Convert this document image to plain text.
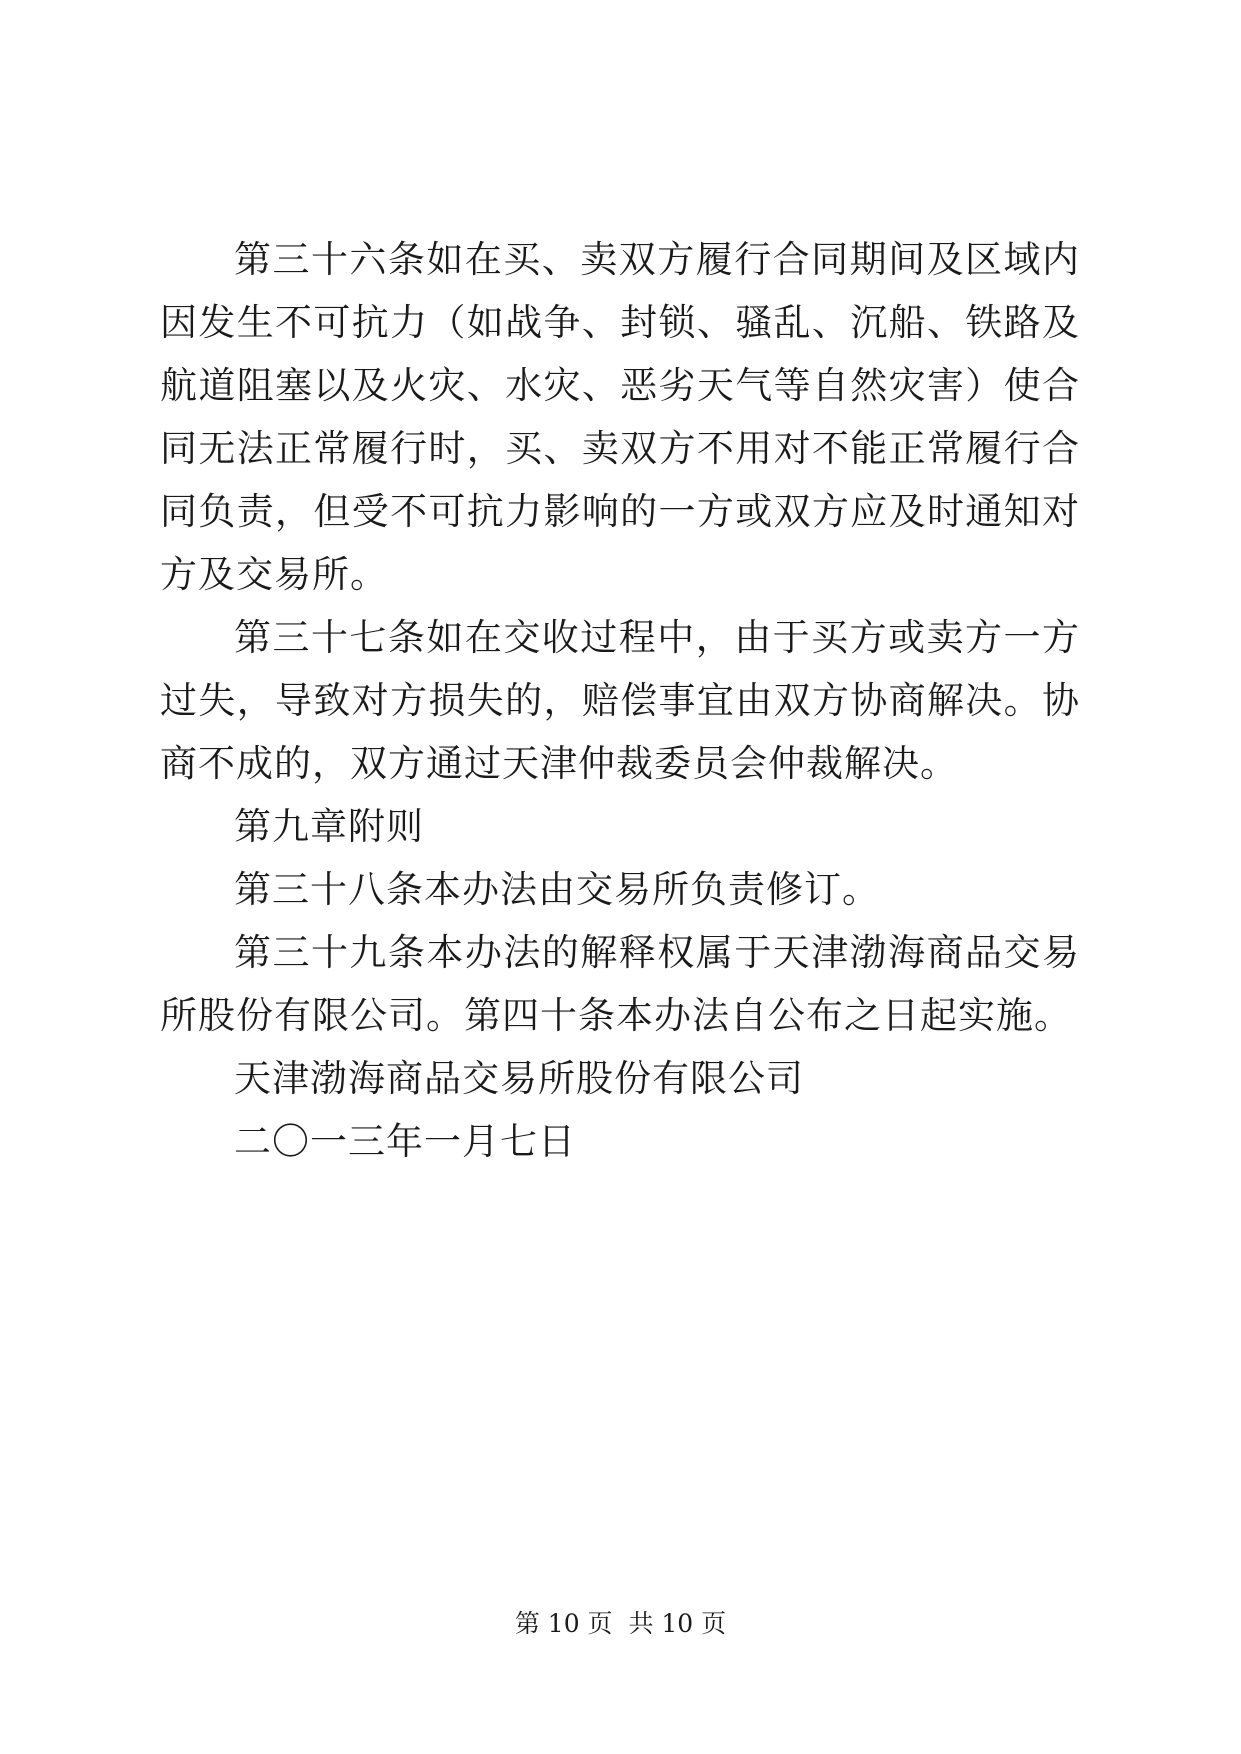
第三十六条如在买、卖双方履行合同期间及区域内因发生不可抗力（如战争、封锁、骚乱、沉船、铁路及航道阻塞以及火灾、水灾、恶劣天气等自然灾害）使合同无法正常履行时，买、卖双方不用对不能正常履行合同负责，但受不可抗力影响的一方或双方应及时通知对方及交易所。

第三十七条如在交收过程中，由于买方或卖方一方过失，导致对方损失的，赔偿事宜由双方协商解决。协商不成的，双方通过天津仲裁委员会仲裁解决。

第九章附则

第三十八条本办法由交易所负责修订。

第三十九条本办法的解释权属于天津渤海商品交易所股份有限公司。第四十条本办法自公布之日起实施。

天津渤海商品交易所股份有限公司

二〇一三年一月七日

第 10 页  共 10 页
